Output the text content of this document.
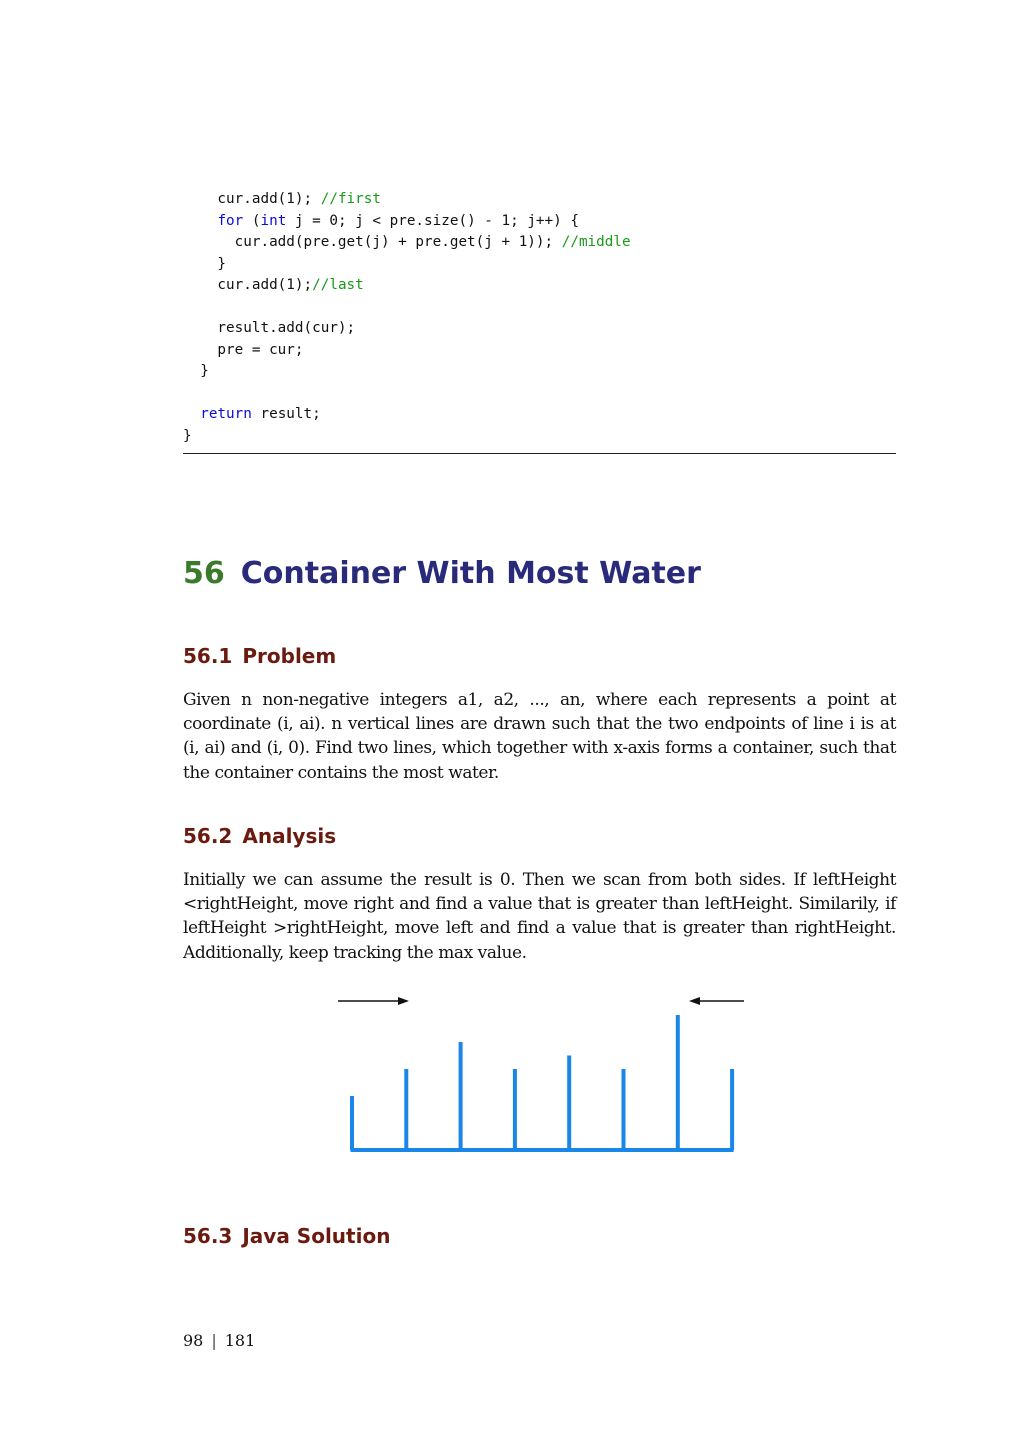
cur.add(1); //first
for (int j = 0; j < pre.size() - 1; j++) {
cur.add(pre.get(j) + pre.get(j + 1)); //middle
}
cur.add(1);//last

result.add(cur);
pre = cur;
}

return result;
}
56 Container With Most Water
56.1 Problem

Given n non-negative integers a1, a2, ..., an, where each represents a point at coordinate (i, ai). n vertical lines are drawn such that the two endpoints of line i is at (i, ai) and (i, 0). Find two lines, which together with x-axis forms a container, such that the container contains the most water.

56.2 Analysis

Initially we can assume the result is 0. Then we scan from both sides. If leftHeight <rightHeight, move right and find a value that is greater than leftHeight. Similarily, if leftHeight >rightHeight, move left and find a value that is greater than rightHeight. Additionally, keep tracking the max value.

56.3 Java Solution
98 | 181
